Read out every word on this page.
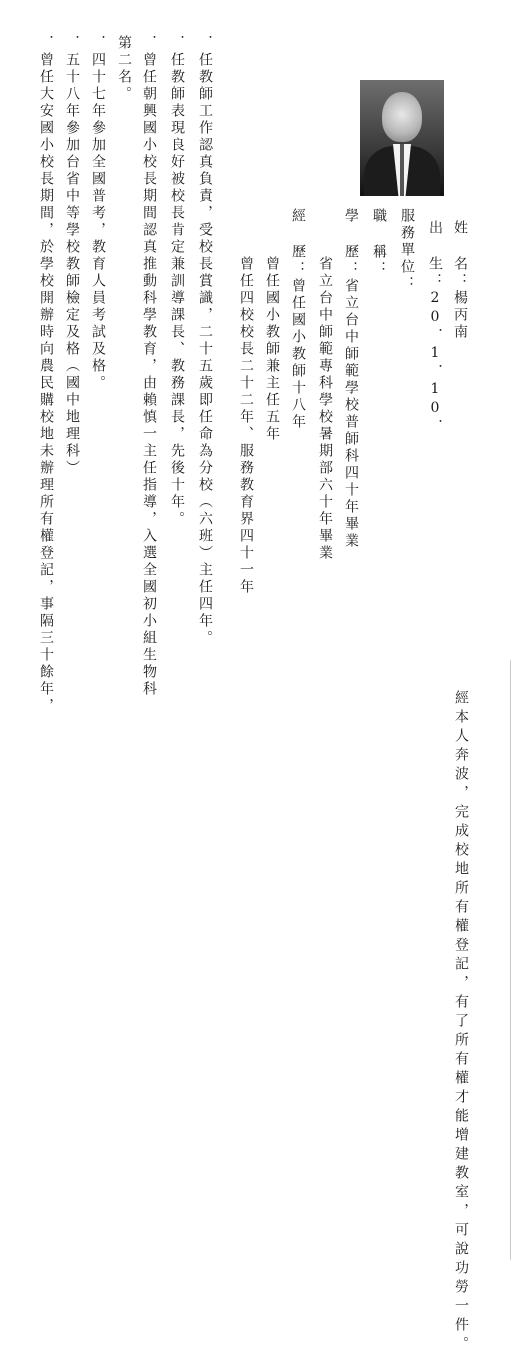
姓 名：楊丙南
出 生：20．1．10．
服務單位：
職 稱：
學 歷：省立台中師範學校普師科四十年畢業
省立台中師範專科學校暑期部六十年畢業
經 歷：曾任國小教師十八年
曾任國小教師兼主任五年
曾任四校校長二十二年、服務教育界四十一年
．任教師工作認真負責，受校長賞識，二十五歲即任命為分校（六班）主任四年。
．任教師表現良好被校長肯定兼訓導課長、教務課長，先後十年。
．曾任朝興國小校長期間認真推動科學教育，由賴慎一主任指導，入選全國初小組生物科
第二名。
．四十七年參加全國普考，教育人員考試及格。
．五十八年參加台省中等學校教師檢定及格（國中地理科）
．曾任大安國小校長期間，於學校開辦時向農民購校地未辦理所有權登記，事隔三十餘年，
經本人奔波，完成校地所有權登記，有了所有權才能增建教室，可說功勞一件。
